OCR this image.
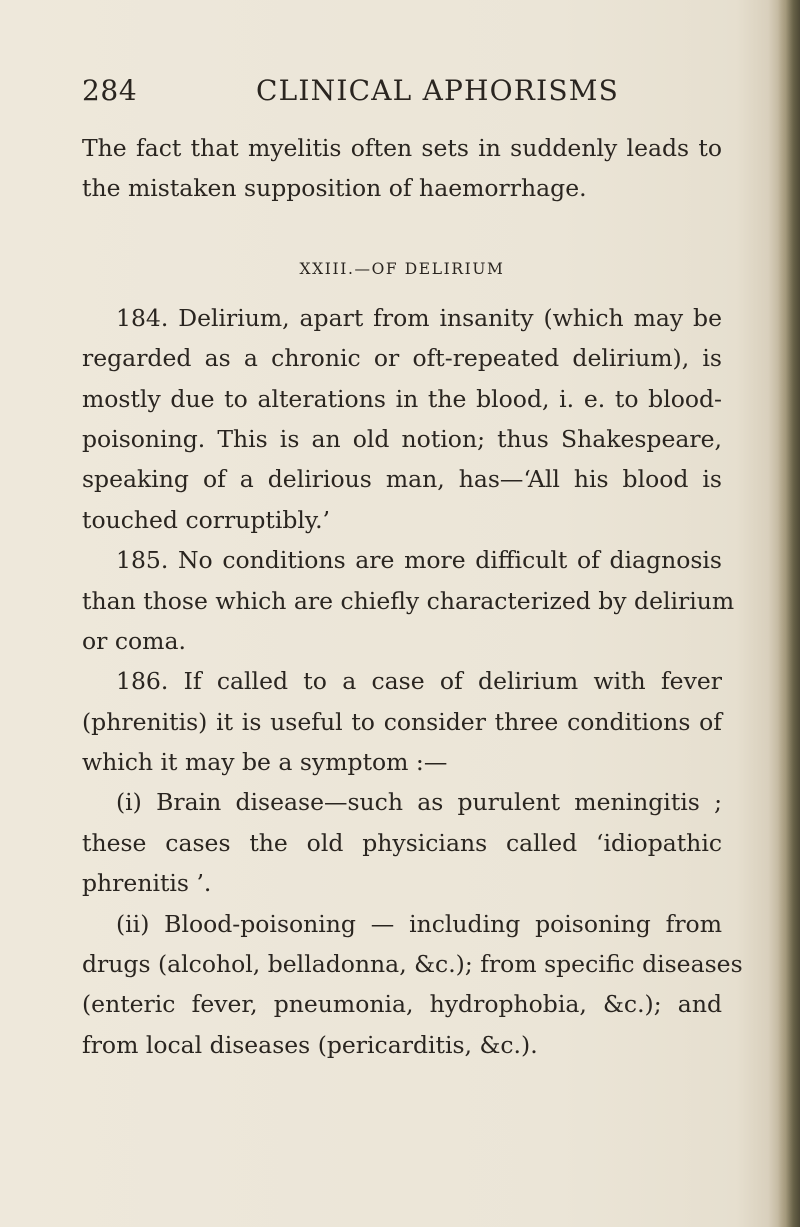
284	CLINICAL APHORISMS
The fact that myelitis often sets in suddenly leads to
the mistaken supposition of haemorrhage.
XXIII.—OF DELIRIUM
184. Delirium, apart from insanity (which may be
regarded as a chronic or oft-repeated delirium), is
mostly due to alterations in the blood, i. e. to blood-
poisoning. This is an old notion; thus Shakespeare,
speaking of a delirious man, has—‘All his blood is
touched corruptibly.’
185. No conditions are more difficult of diagnosis
than those which are chiefly characterized by delirium
or coma.
186. If called to a case of delirium with fever
(phrenitis) it is useful to consider three conditions of
which it may be a symptom :—
(i) Brain disease—such as purulent meningitis ;
these cases the old physicians called ‘idiopathic
phrenitis ’.
(ii) Blood-poisoning — including poisoning from
drugs (alcohol, belladonna, &c.); from specific diseases
(enteric fever, pneumonia, hydrophobia, &c.); and
from local diseases (pericarditis, &c.).
